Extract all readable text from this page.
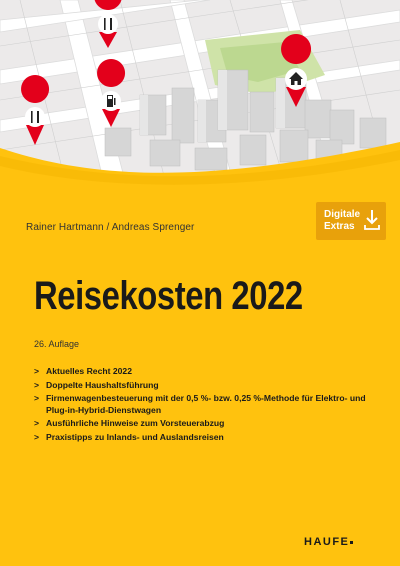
Rainer Hartmann / Andreas Sprenger
Digitale
Extras
Reisekosten 2022
26. Auflage
> Aktuelles Recht 2022
> Doppelte Haushaltsführung
> Firmenwagenbesteuerung mit der 0,5 %- bzw. 0,25 %-Methode für Elektro- und Plug-in-Hybrid-Dienstwagen
> Ausführliche Hinweise zum Vorsteuerabzug
> Praxistipps zu Inlands- und Auslandsreisen
HAUFE
